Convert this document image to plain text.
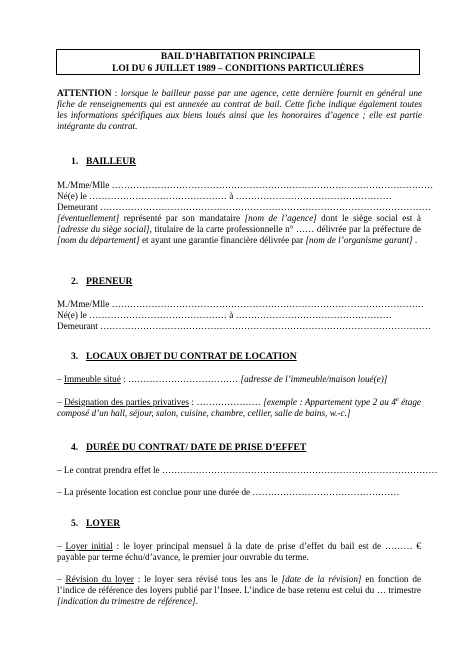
BAIL D’HABITATION PRINCIPALE
LOI DU 6 JUILLET 1989 – CONDITIONS PARTICULIÈRES
ATTENTION : lorsque le bailleur passe par une agence, cette dernière fournit en général une fiche de renseignements qui est annexée au contrat de bail. Cette fiche indique également toutes les informations spécifiques aux biens loués ainsi que les honoraires d’agence ; elle est partie intégrante du contrat.
1. BAILLEUR
M./Mme/Mlle ……………………………………………………………………………………………
Né(e) le ……………………………………… à ……………………………………………
Demeurant ………………………………………………………………………………………………
[éventuellement] représenté par son mandataire [nom de l’agence] dont le siège social est à [adresse du siège social], titulaire de la carte professionnelle n° …… délivrée par la préfecture de [nom du département] et ayant une garantie financière délivrée par [nom de l’organisme garant] .
2. PRENEUR
M./Mme/Mlle …………………………………………………………………………………………
Né(e) le ……………………………………… à ……………………………………………
Demeurant ………………………………………………………………………………………………
3. LOCAUX OBJET DU CONTRAT DE LOCATION
– Immeuble situé : ……………………………… [adresse de l’immeuble/maison loué(e)]
– Désignation des parties privatives : ………………… [exemple : Appartement type 2 au 4e étage composé d’un hall, séjour, salon, cuisine, chambre, cellier, salle de bains, w.-c.]
4. DURÉE DU CONTRAT/ DATE DE PRISE D’EFFET
– Le contrat prendra effet le ………………………………………………………………………………
– La présente location est conclue pour une durée de …………………………………………
5. LOYER
– Loyer initial : le loyer principal mensuel à la date de prise d’effet du bail est de ……… € payable par terme échu/d’avance, le premier jour ouvrable du terme.
– Révision du loyer : le loyer sera révisé tous les ans le [date de la révision] en fonction de l’indice de référence des loyers publié par l’Insee. L’indice de base retenu est celui du … trimestre [indication du trimestre de référence].
